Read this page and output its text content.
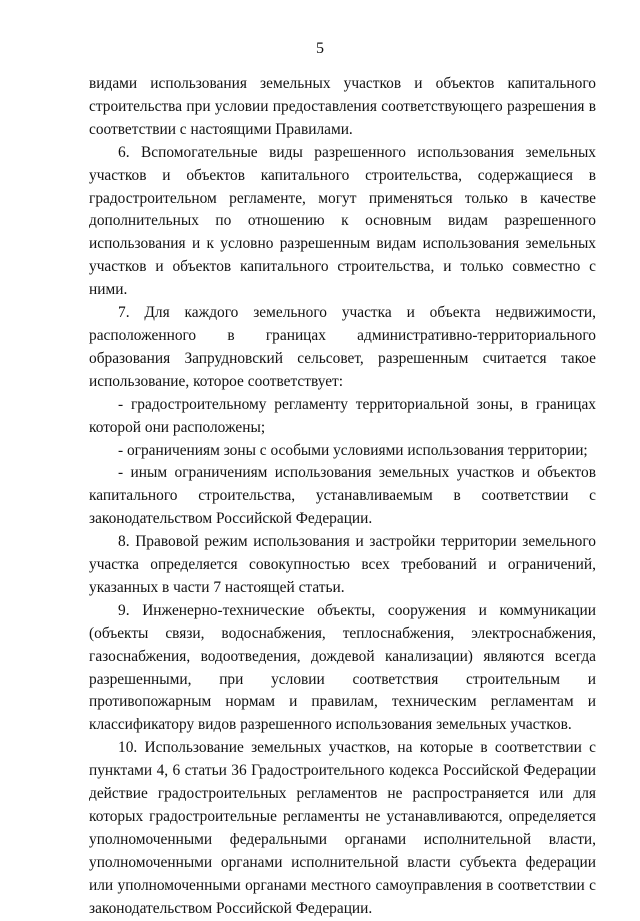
5

видами использования земельных участков и объектов капитального строительства при условии предоставления соответствующего разрешения в соответствии с настоящими Правилами.

6. Вспомогательные виды разрешенного использования земельных участков и объектов капитального строительства, содержащиеся в градостроительном регламенте, могут применяться только в качестве дополнительных по отношению к основным видам разрешенного использования и к условно разрешенным видам использования земельных участков и объектов капитального строительства, и только совместно с ними.

7. Для каждого земельного участка и объекта недвижимости, расположенного в границах административно-территориального образования Запрудновский сельсовет, разрешенным считается такое использование, которое соответствует:

- градостроительному регламенту территориальной зоны, в границах которой они расположены;

- ограничениям зоны с особыми условиями использования территории;

- иным ограничениям использования земельных участков и объектов капитального строительства, устанавливаемым в соответствии с законодательством Российской Федерации.

8. Правовой режим использования и застройки территории земельного участка определяется совокупностью всех требований и ограничений, указанных в части 7 настоящей статьи.

9. Инженерно-технические объекты, сооружения и коммуникации (объекты связи, водоснабжения, теплоснабжения, электроснабжения, газоснабжения, водоотведения, дождевой канализации) являются всегда разрешенными, при условии соответствия строительным и противопожарным нормам и правилам, техническим регламентам и классификатору видов разрешенного использования земельных участков.

10. Использование земельных участков, на которые в соответствии с пунктами 4, 6 статьи 36 Градостроительного кодекса Российской Федерации действие градостроительных регламентов не распространяется или для которых градостроительные регламенты не устанавливаются, определяется уполномоченными федеральными органами исполнительной власти, уполномоченными органами исполнительной власти субъекта федерации или уполномоченными органами местного самоуправления в соответствии с законодательством Российской Федерации.
